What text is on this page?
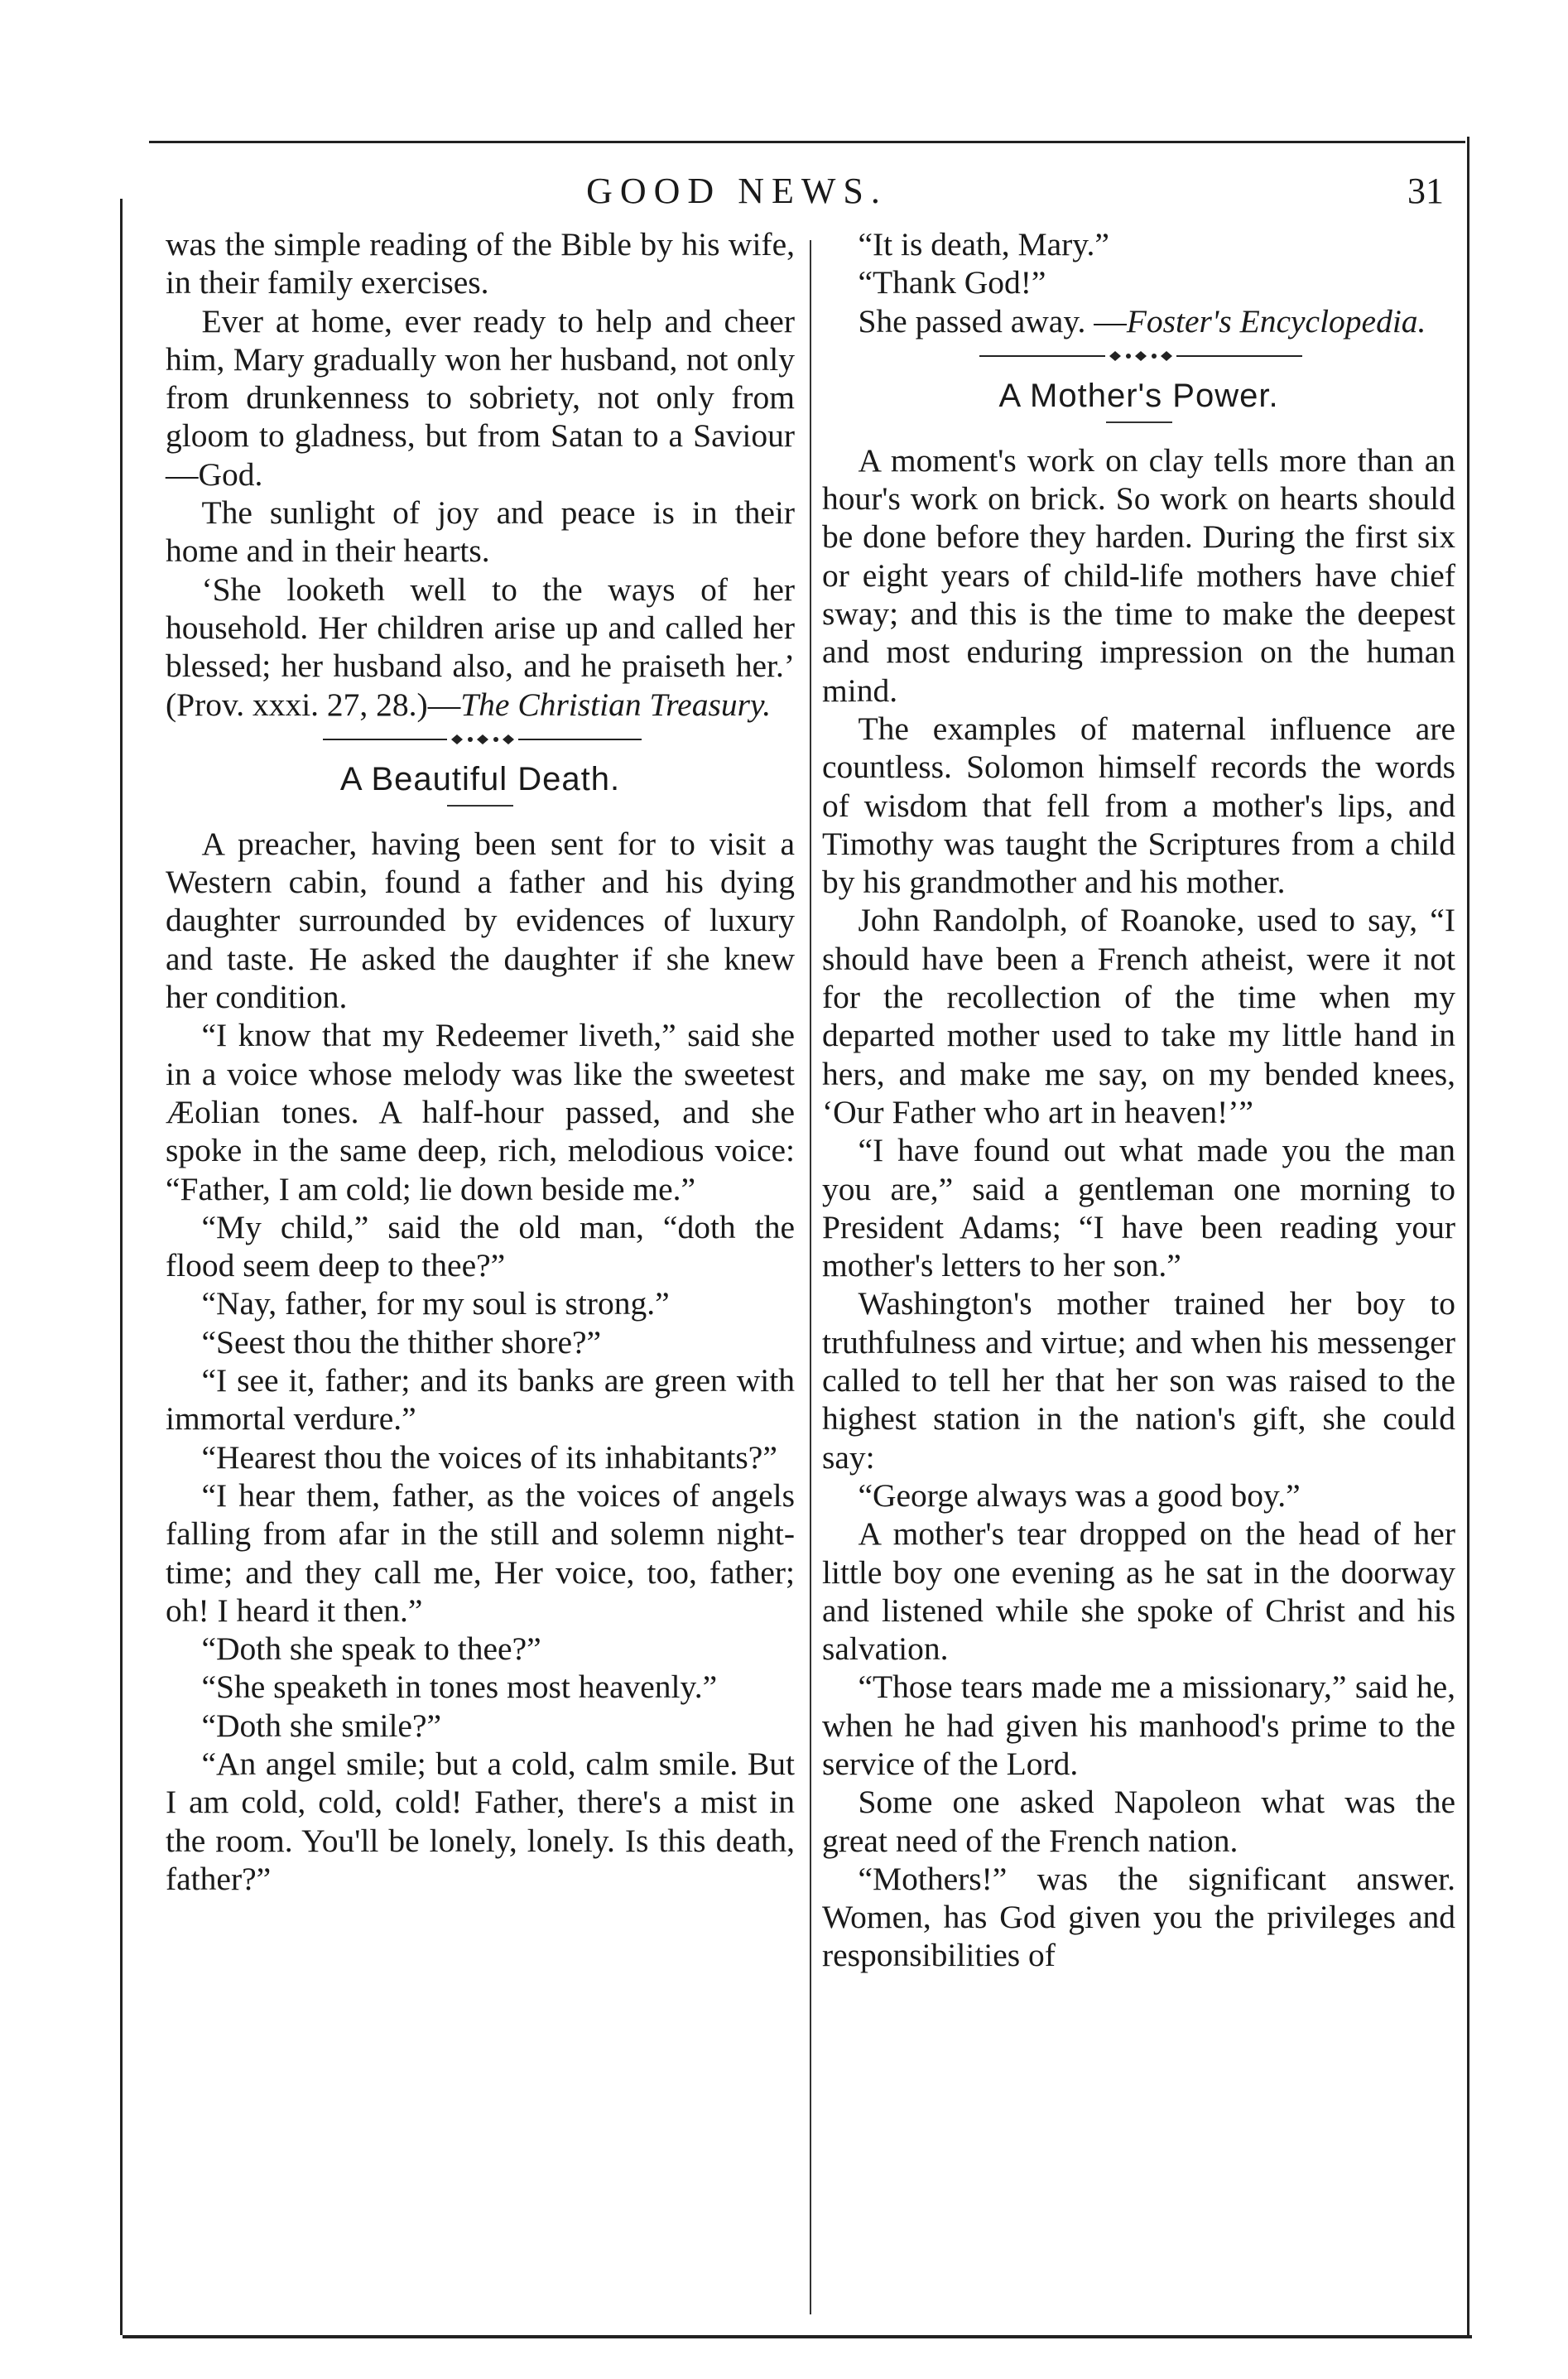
GOOD NEWS.	31

was the simple reading of the Bible by his wife, in their family exercises.

Ever at home, ever ready to help and cheer him, Mary gradually won her husband, not only from drunkenness to sobriety, not only from gloom to gladness, but from Satan to a Saviour—God.

The sunlight of joy and peace is in their home and in their hearts.

‘She looketh well to the ways of her household. Her children arise up and called her blessed; her husband also, and he praiseth her.’ (Prov. xxxi. 27, 28.)—The Christian Treasury.

A Beautiful Death.

A preacher, having been sent for to visit a Western cabin, found a father and his dying daughter surrounded by evidences of luxury and taste. He asked the daughter if she knew her condition.

“I know that my Redeemer liveth,” said she in a voice whose melody was like the sweetest Æolian tones. A half-hour passed, and she spoke in the same deep, rich, melodious voice: “Father, I am cold; lie down beside me.”

“My child,” said the old man, “doth the flood seem deep to thee?”

“Nay, father, for my soul is strong.”

“Seest thou the thither shore?”

“I see it, father; and its banks are green with immortal verdure.”

“Hearest thou the voices of its inhabitants?”

“I hear them, father, as the voices of angels falling from afar in the still and solemn night-time; and they call me, Her voice, too, father; oh! I heard it then.”

“Doth she speak to thee?”

“She speaketh in tones most heavenly.”

“Doth she smile?”

“An angel smile; but a cold, calm smile. But I am cold, cold, cold! Father, there's a mist in the room. You'll be lonely, lonely. Is this death, father?”

“It is death, Mary.”

“Thank God!”

She passed away. —Foster's Encyclopedia.

A Mother's Power.

A moment's work on clay tells more than an hour's work on brick. So work on hearts should be done before they harden. During the first six or eight years of child-life mothers have chief sway; and this is the time to make the deepest and most enduring impression on the human mind.

The examples of maternal influence are countless. Solomon himself records the words of wisdom that fell from a mother's lips, and Timothy was taught the Scriptures from a child by his grandmother and his mother.

John Randolph, of Roanoke, used to say, “I should have been a French atheist, were it not for the recollection of the time when my departed mother used to take my little hand in hers, and make me say, on my bended knees, ‘Our Father who art in heaven!’”

“I have found out what made you the man you are,” said a gentleman one morning to President Adams; “I have been reading your mother's letters to her son.”

Washington's mother trained her boy to truthfulness and virtue; and when his messenger called to tell her that her son was raised to the highest station in the nation's gift, she could say:

“George always was a good boy.”

A mother's tear dropped on the head of her little boy one evening as he sat in the doorway and listened while she spoke of Christ and his salvation.

“Those tears made me a missionary,” said he, when he had given his manhood's prime to the service of the Lord.

Some one asked Napoleon what was the great need of the French nation.

“Mothers!” was the significant answer. Women, has God given you the privileges and responsibilities of
